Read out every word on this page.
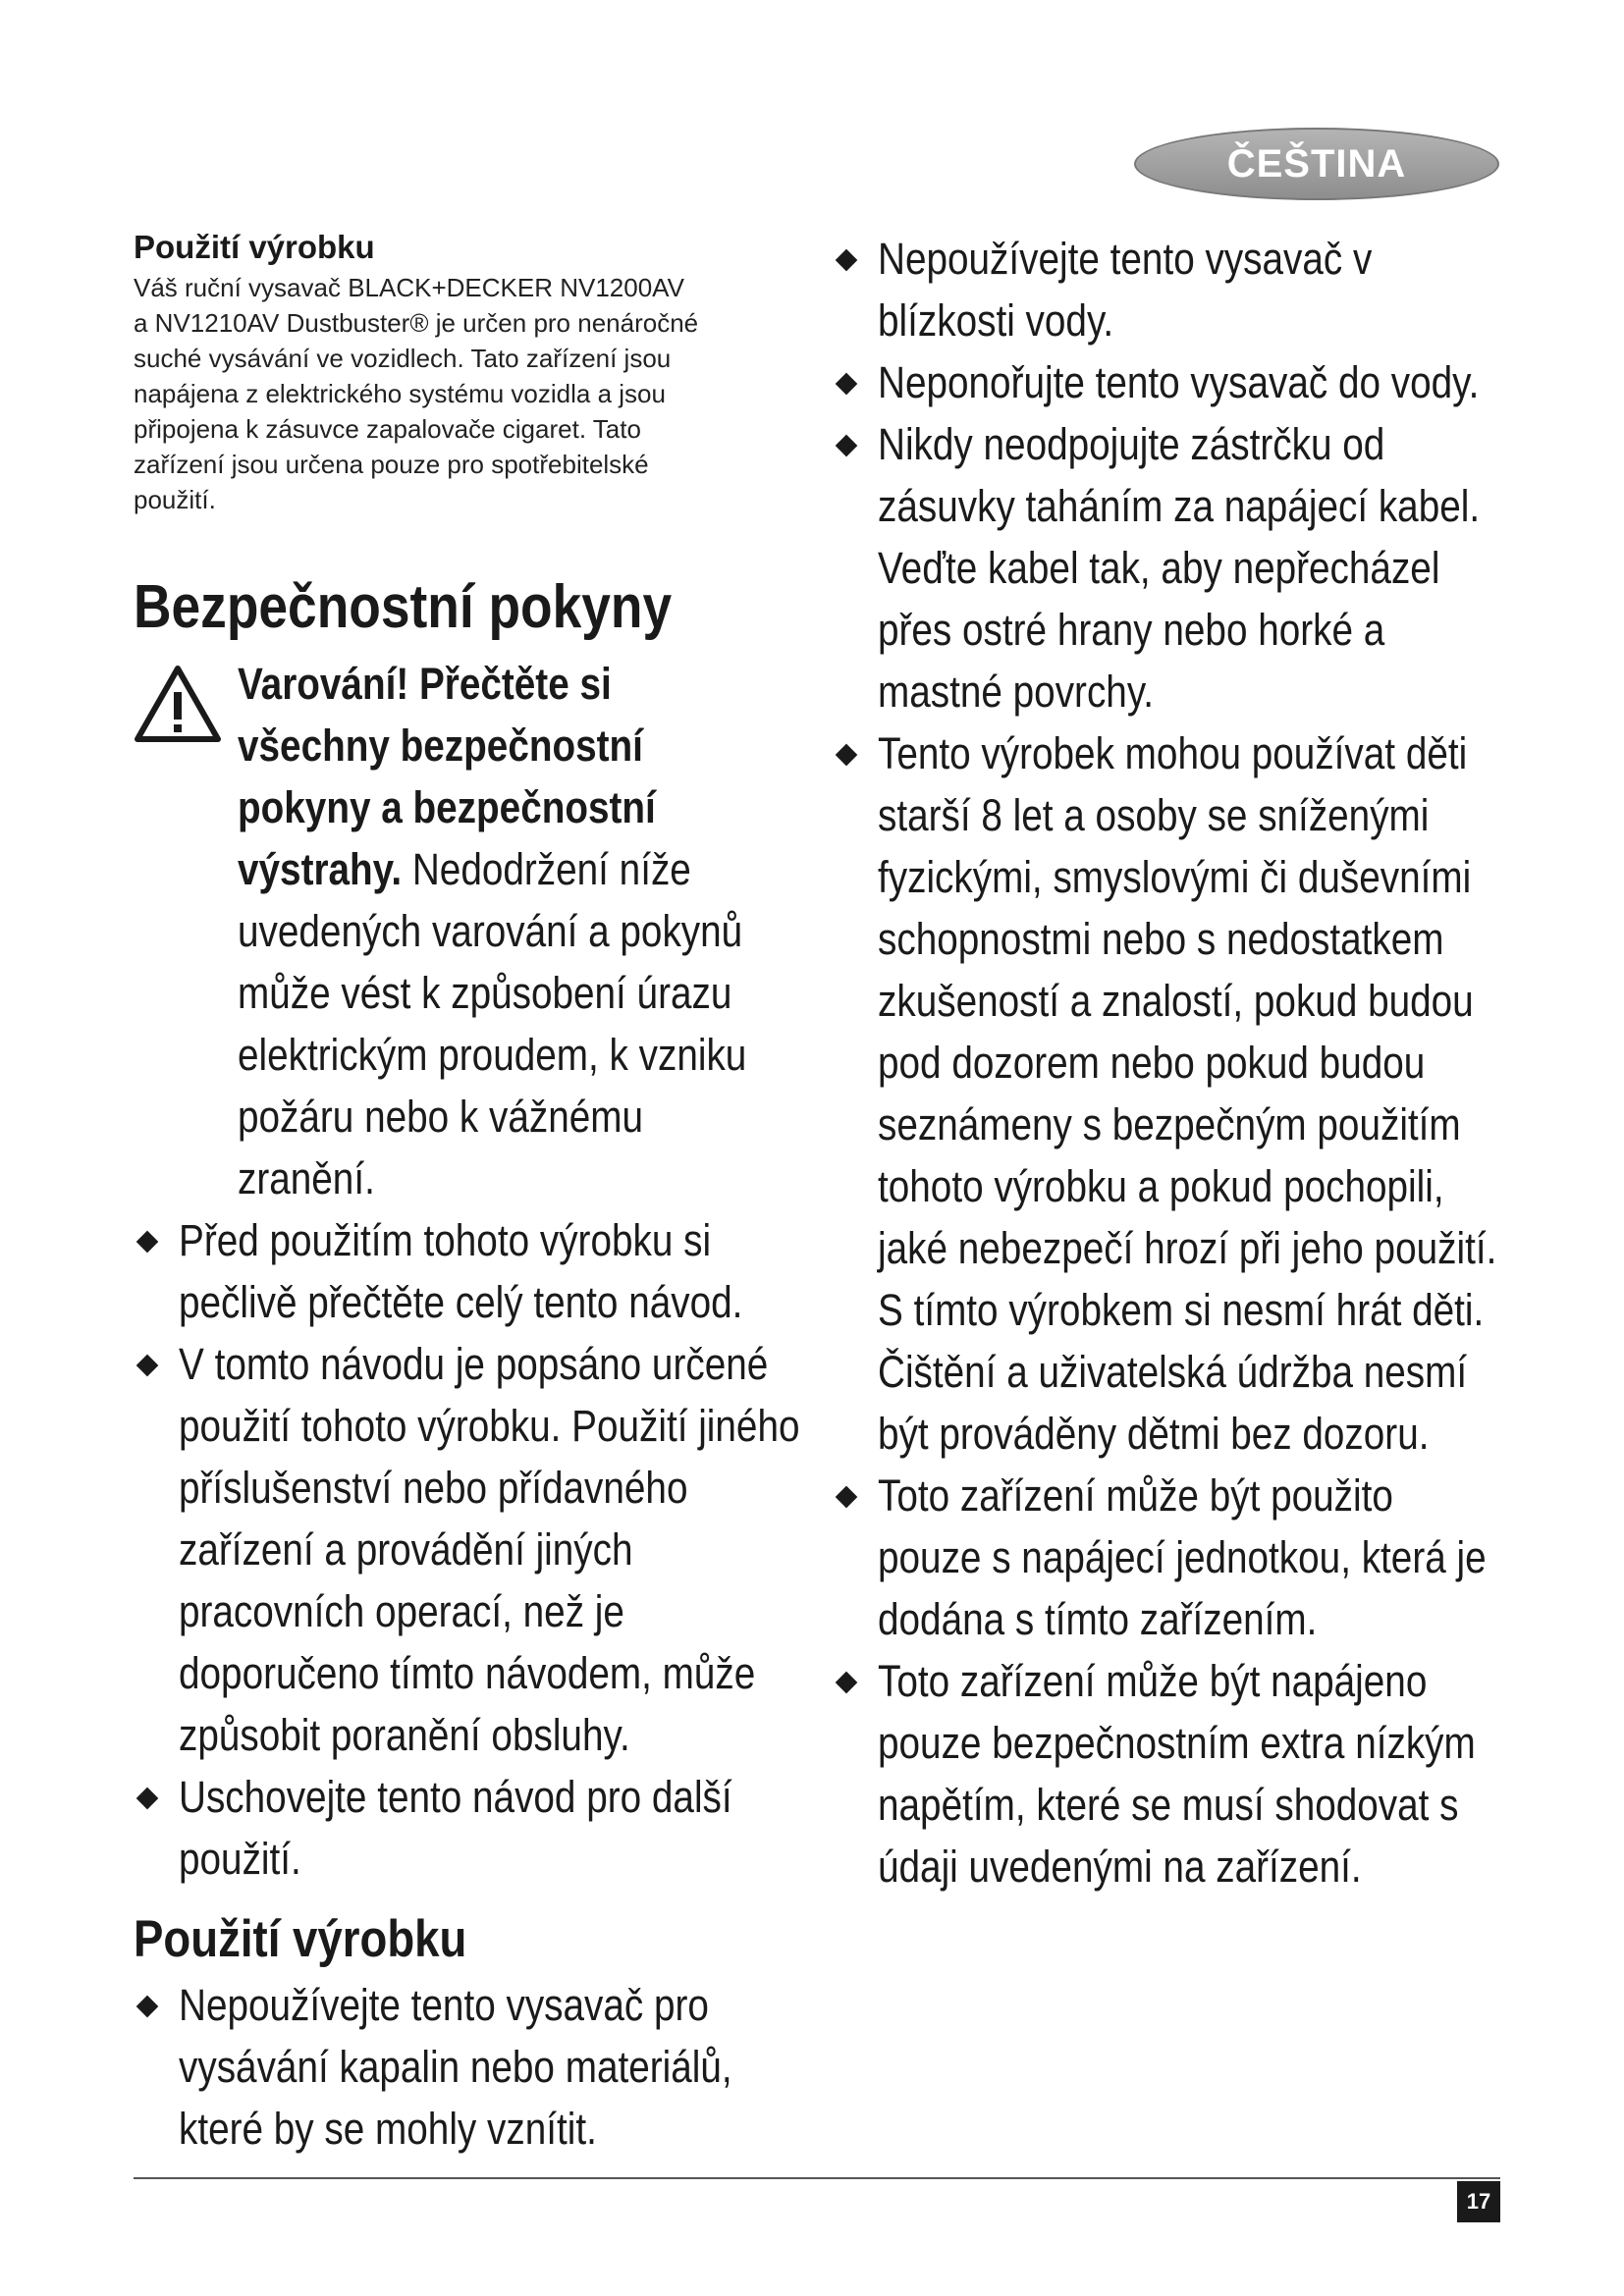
ČEŠTINA
Použití výrobku

Váš ruční vysavač BLACK+DECKER NV1200AV
a NV1210AV Dustbuster® je určen pro nenáročné
suché vysávání ve vozidlech. Tato zařízení jsou
napájena z elektrického systému vozidla a jsou
připojena k zásuvce zapalovače cigaret. Tato
zařízení jsou určena pouze pro spotřebitelské
použití.

Bezpečnostní pokyny

Varování! Přečtěte si všechny bezpečnostní pokyny a bezpečnostní výstrahy. Nedodržení níže uvedených varování a pokynů může vést k způsobení úrazu elektrickým proudem, k vzniku požáru nebo k vážnému zranění.

Před použitím tohoto výrobku si pečlivě přečtěte celý tento návod.
V tomto návodu je popsáno určené použití tohoto výrobku. Použití jiného příslušenství nebo přídavného zařízení a provádění jiných pracovních operací, než je doporučeno tímto návodem, může způsobit poranění obsluhy.
Uschovejte tento návod pro další použití.
Použití výrobku
Nepoužívejte tento vysavač pro vysávání kapalin nebo materiálů, které by se mohly vznítit.
Nepoužívejte tento vysavač v blízkosti vody.
Neponořujte tento vysavač do vody.
Nikdy neodpojujte zástrčku od zásuvky taháním za napájecí kabel. Veďte kabel tak, aby nepřecházel přes ostré hrany nebo horké a mastné povrchy.
Tento výrobek mohou používat děti starší 8 let a osoby se sníženými fyzickými, smyslovými či duševními schopnostmi nebo s nedostatkem zkušeností a znalostí, pokud budou pod dozorem nebo pokud budou seznámeny s bezpečným použitím tohoto výrobku a pokud pochopili, jaké nebezpečí hrozí při jeho použití. S tímto výrobkem si nesmí hrát děti. Čištění a uživatelská údržba nesmí být prováděny dětmi bez dozoru.
Toto zařízení může být použito pouze s napájecí jednotkou, která je dodána s tímto zařízením.
Toto zařízení může být napájeno pouze bezpečnostním extra nízkým napětím, které se musí shodovat s údaji uvedenými na zařízení.
17
